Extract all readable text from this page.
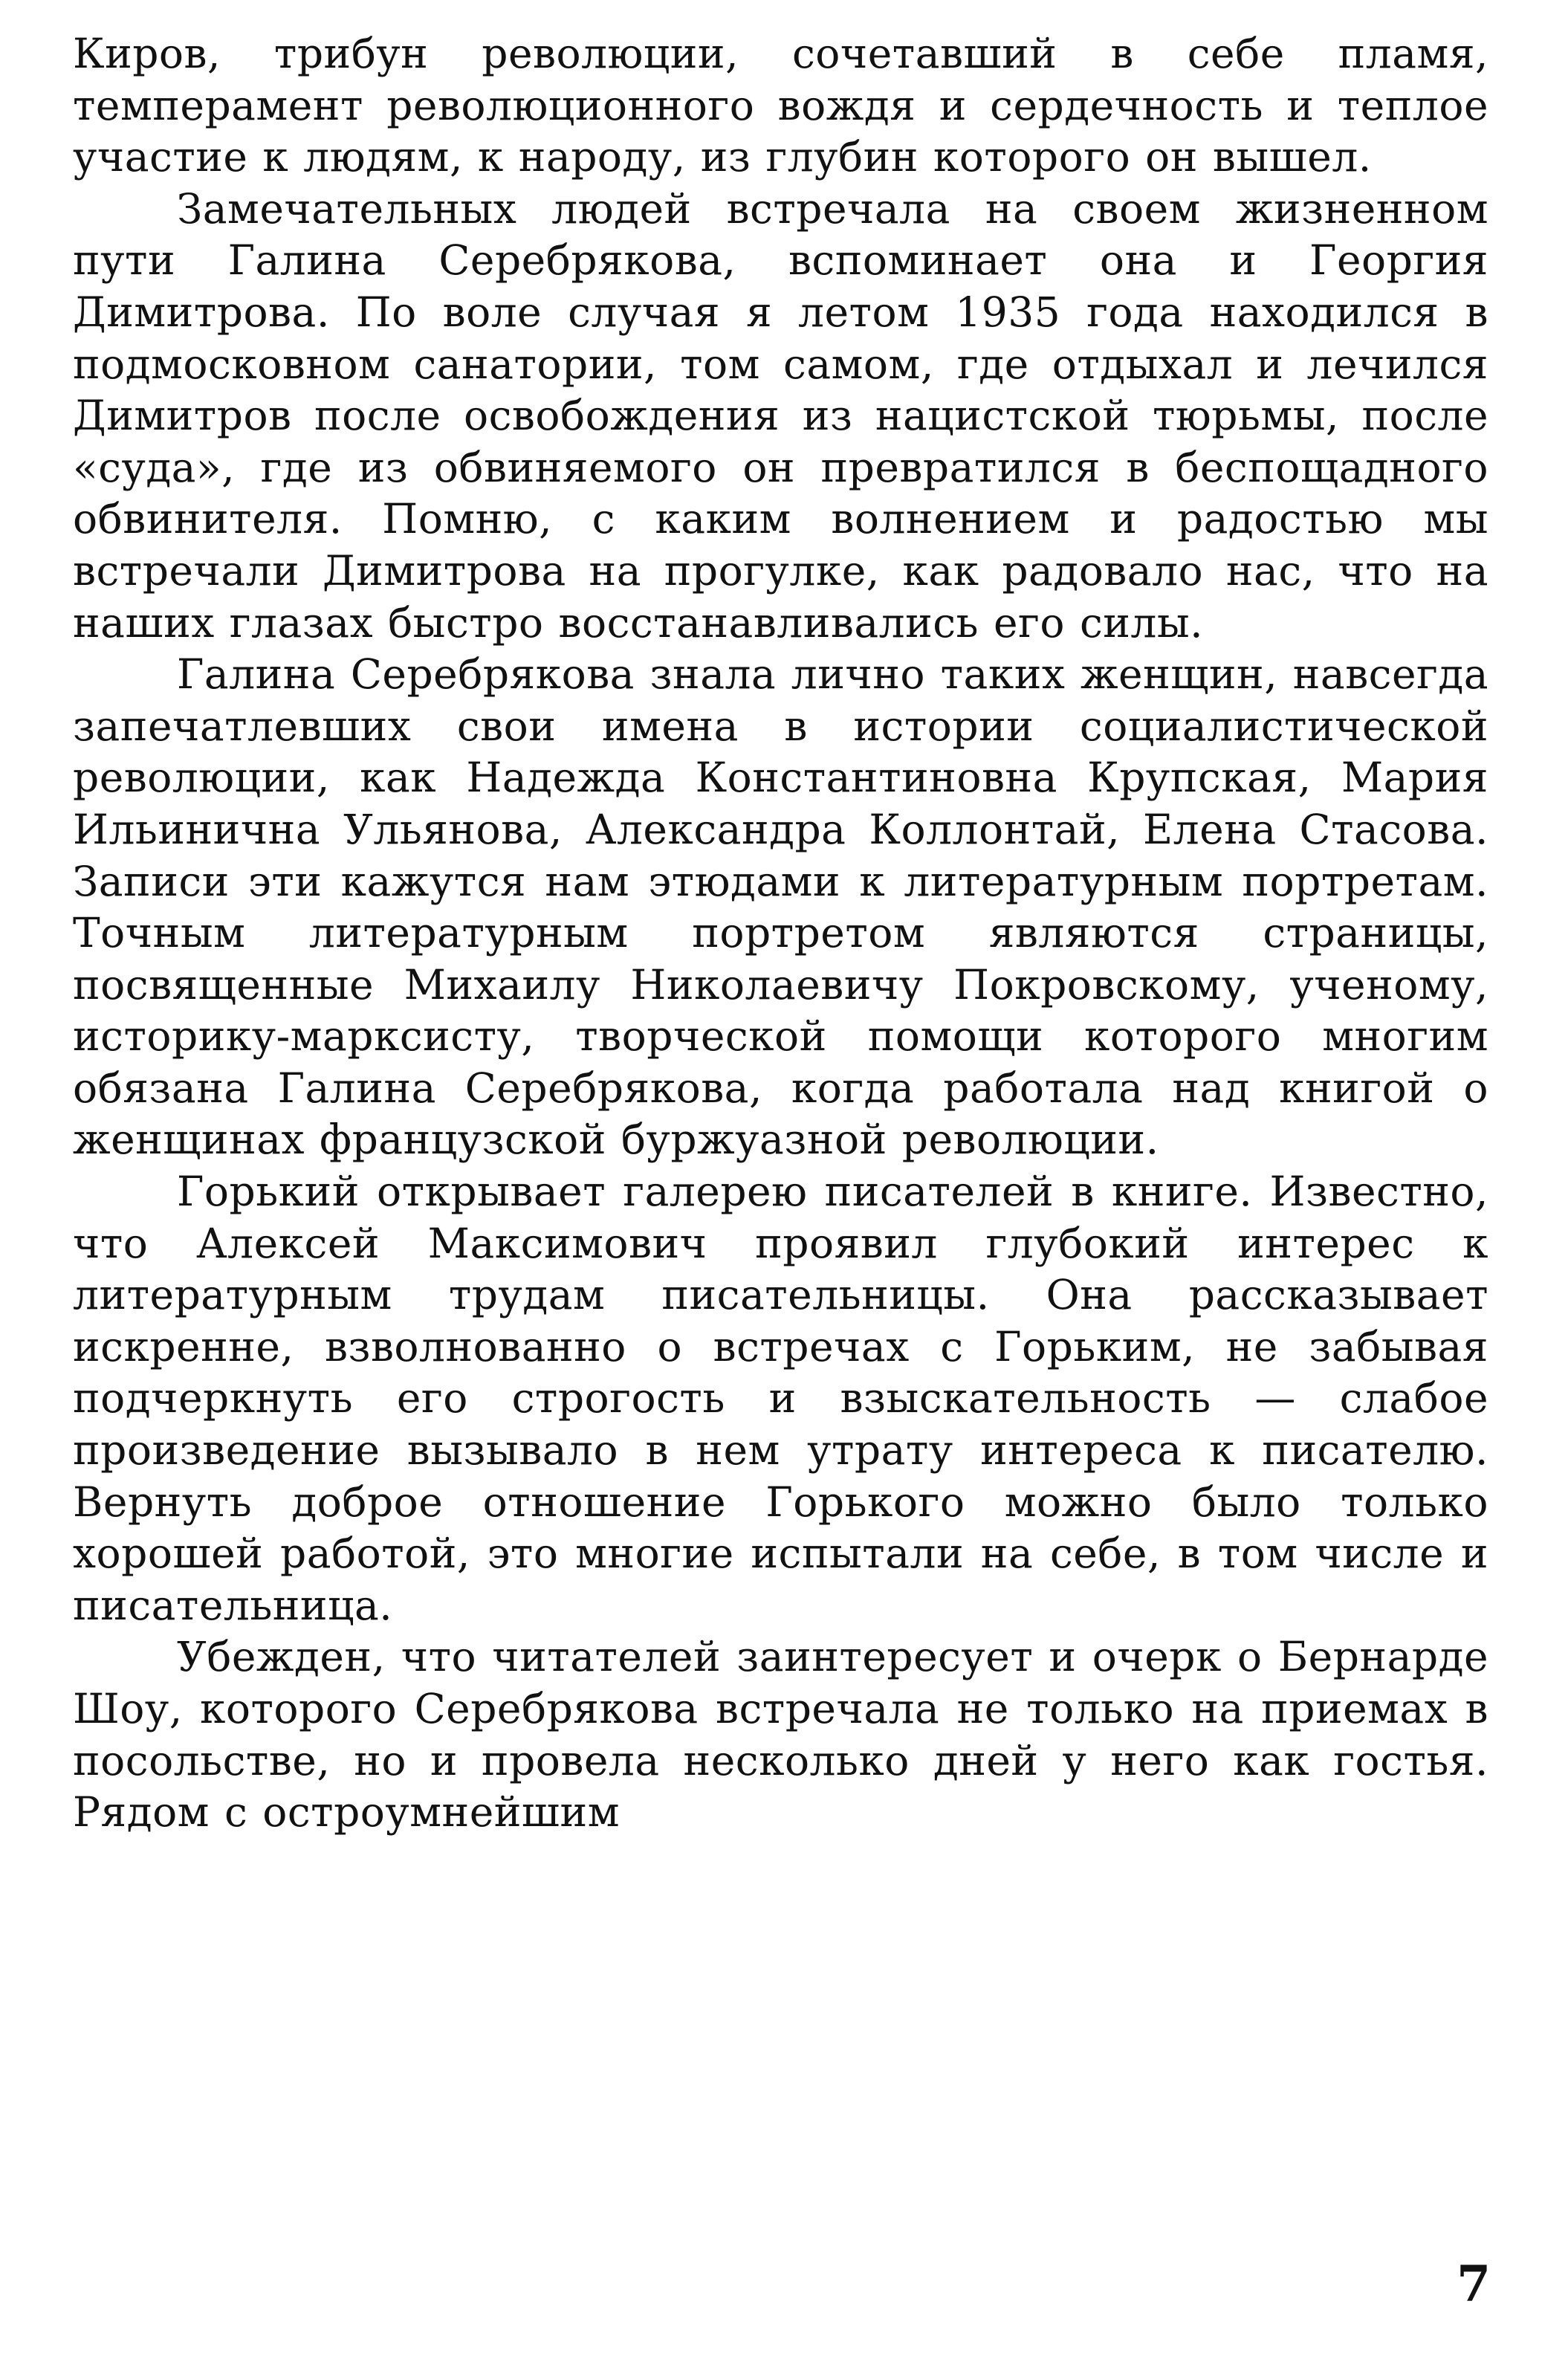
Киров, трибун революции, сочетавший в себе пламя, темперамент революционного вождя и сердечность и теплое участие к людям, к народу, из глубин которого он вышел.

Замечательных людей встречала на своем жизненном пути Галина Серебрякова, вспоминает она и Георгия Димитрова. По воле случая я летом 1935 года находился в подмосковном санатории, том самом, где отдыхал и лечился Димитров после освобождения из нацистской тюрьмы, после «суда», где из обвиняемого он превратился в беспощадного обвинителя. Помню, с каким волнением и радостью мы встречали Димитрова на прогулке, как радовало нас, что на наших глазах быстро восстанавливались его силы.

Галина Серебрякова знала лично таких женщин, навсегда запечатлевших свои имена в истории социалистической революции, как Надежда Константиновна Крупская, Мария Ильинична Ульянова, Александра Коллонтай, Елена Стасова. Записи эти кажутся нам этюдами к литературным портретам. Точным литературным портретом являются страницы, посвященные Михаилу Николаевичу Покровскому, ученому, историку-марксисту, творческой помощи которого многим обязана Галина Серебрякова, когда работала над книгой о женщинах французской буржуазной революции.

Горький открывает галерею писателей в книге. Известно, что Алексей Максимович проявил глубокий интерес к литературным трудам писательницы. Она рассказывает искренне, взволнованно о встречах с Горьким, не забывая подчеркнуть его строгость и взыскательность — слабое произведение вызывало в нем утрату интереса к писателю. Вернуть доброе отношение Горького можно было только хорошей работой, это многие испытали на себе, в том числе и писательница.

Убежден, что читателей заинтересует и очерк о Бернарде Шоу, которого Серебрякова встречала не только на приемах в посольстве, но и провела несколько дней у него как гостья. Рядом с остроумнейшим

7
